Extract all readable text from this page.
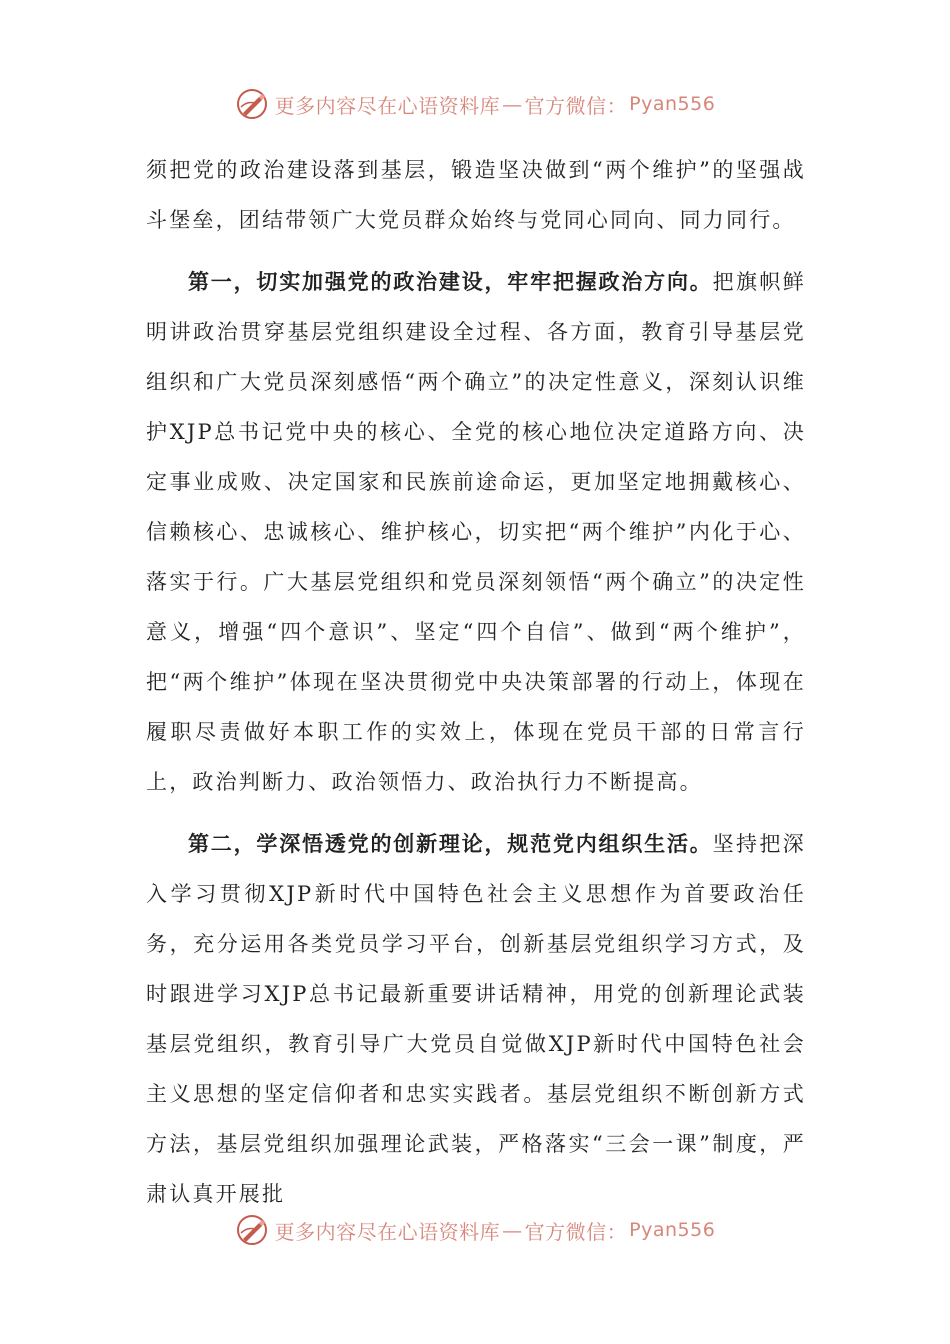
更多内容尽在心语资料库 — 官方微信： Pyan556

须把党的政治建设落到基层，锻造坚决做到“两个维护”的坚强战斗堡垒，团结带领广大党员群众始终与党同心同向、同力同行。

第一，切实加强党的政治建设，牢牢把握政治方向。把旗帜鲜明讲政治贯穿基层党组织建设全过程、各方面，教育引导基层党组织和广大党员深刻感悟“两个确立”的决定性意义，深刻认识维护XJP总书记党中央的核心、全党的核心地位决定道路方向、决定事业成败、决定国家和民族前途命运，更加坚定地拥戴核心、信赖核心、忠诚核心、维护核心，切实把“两个维护”内化于心、落实于行。广大基层党组织和党员深刻领悟“两个确立”的决定性意义，增强“四个意识”、坚定“四个自信”、做到“两个维护”，把“两个维护”体现在坚决贯彻党中央决策部署的行动上，体现在履职尽责做好本职工作的实效上，体现在党员干部的日常言行上，政治判断力、政治领悟力、政治执行力不断提高。

第二，学深悟透党的创新理论，规范党内组织生活。坚持把深入学习贯彻XJP新时代中国特色社会主义思想作为首要政治任务，充分运用各类党员学习平台，创新基层党组织学习方式，及时跟进学习XJP总书记最新重要讲话精神，用党的创新理论武装基层党组织，教育引导广大党员自觉做XJP新时代中国特色社会主义思想的坚定信仰者和忠实实践者。基层党组织不断创新方式方法，基层党组织加强理论武装，严格落实“三会一课”制度，严肃认真开展批

更多内容尽在心语资料库 — 官方微信： Pyan556
